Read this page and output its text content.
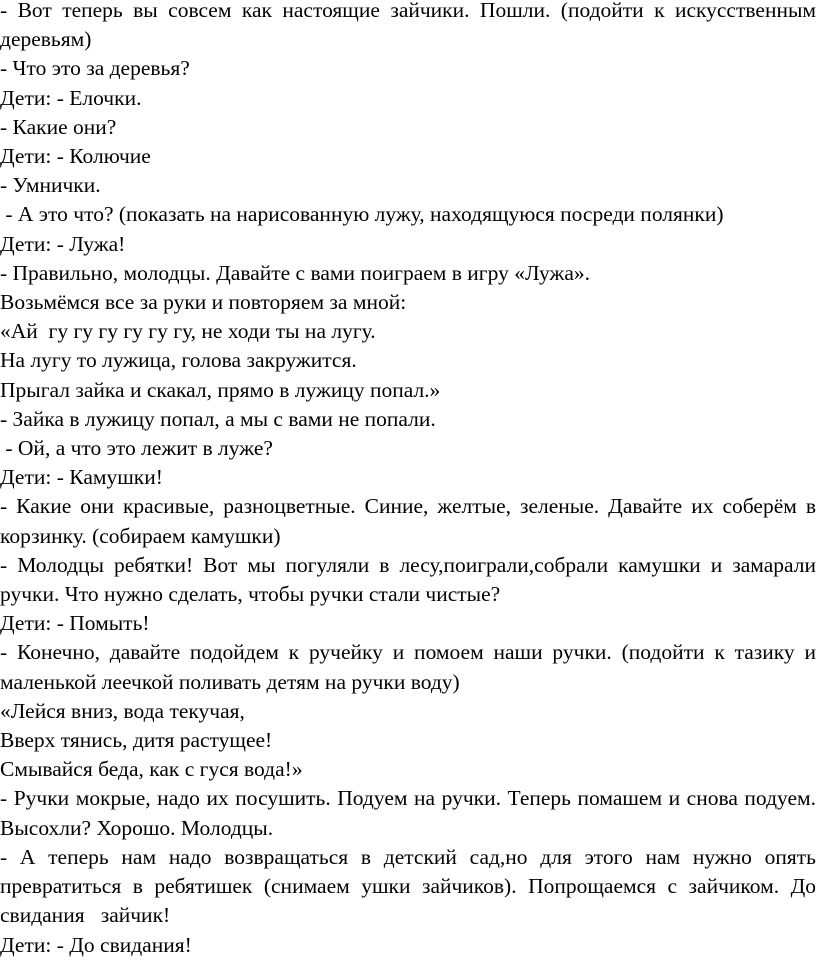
- Вот теперь вы совсем как настоящие зайчики. Пошли. (подойти к искусственным деревьям)

- Что это за деревья?

Дети: - Елочки.

- Какие они?

Дети: - Колючие

- Умнички.

- А это что? (показать на нарисованную лужу, находящуюся посреди полянки)

Дети: - Лужа!

- Правильно, молодцы. Давайте с вами поиграем в игру «Лужа».

Возьмёмся все за руки и повторяем за мной:

«Ай  гу гу гу гу гу гу, не ходи ты на лугу.

На лугу то лужица, голова закружится.

Прыгал зайка и скакал, прямо в лужицу попал.»

- Зайка в лужицу попал, а мы с вами не попали.

- Ой, а что это лежит в луже?

Дети: - Камушки!

- Какие они красивые, разноцветные. Синие, желтые, зеленые. Давайте их соберём в корзинку. (собираем камушки)

- Молодцы ребятки! Вот мы погуляли в лесу,поиграли,собрали камушки и замарали ручки. Что нужно сделать, чтобы ручки стали чистые?

Дети: - Помыть!

- Конечно, давайте подойдем к ручейку и помоем наши ручки. (подойти к тазику и маленькой леечкой поливать детям на ручки воду)

«Лейся вниз, вода текучая,

Вверх тянись, дитя растущее!

Смывайся беда, как с гуся вода!»

- Ручки мокрые, надо их посушить. Подуем на ручки. Теперь помашем и снова подуем. Высохли? Хорошо. Молодцы.

- А теперь нам надо возвращаться в детский сад,но для этого нам нужно опять превратиться в ребятишек (снимаем ушки зайчиков). Попрощаемся с зайчиком. До свидания   зайчик!

Дети: - До свидания!
